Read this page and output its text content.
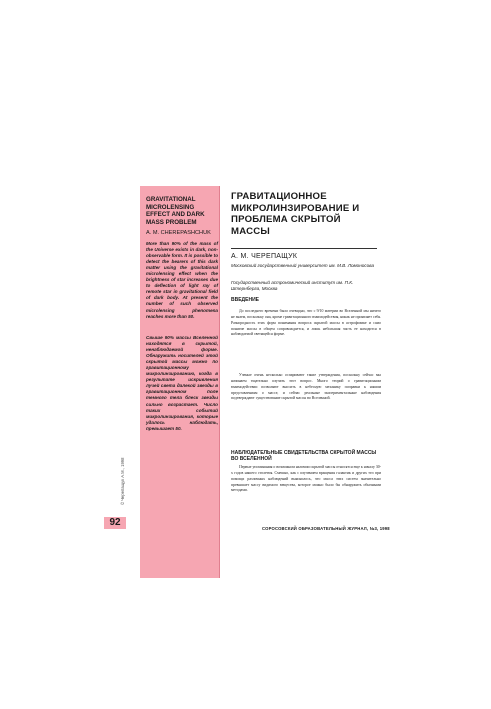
GRAVITATIONAL MICROLENSING EFFECT AND DARK MASS PROBLEM
A. M. CHEREPASHCHUK
More than 90% of the mass of the Universe exists in dark, non-observable form. It is possible to detect the bearers of this dark matter using the gravitational microlensing effect when the brightness of star increases due to deflection of light ray of remote star in gravitational field of dark body. At present the number of such observed microlensing phenomena reaches more than 50.
Свыше 90% массы Вселенной находятся в скрытой, ненаблюдаемой форме. Обнаружить носителей этой скрытой массы можно по гравитационному микролинзированию, когда в результате искривления лучей света далекой звезды в гравитационном поле темного тела блеск звезды сильно возрастает. Число таких событий микролинзирования, которые удалось наблюдать, превышает 50.
© Черепащук А.М., 1998
92
ГРАВИТАЦИОННОЕ МИКРОЛИНЗИРОВАНИЕ И ПРОБЛЕМА СКРЫТОЙ МАССЫ
А. М. ЧЕРЕПАЩУК
Московский государственный университет им. М.В. Ломоносова
Государственный астрономический институт им. П.К. Штернберга, Москва
ВВЕДЕНИЕ
До последнего времени было очевидно, что с 9/10 материи во Вселенной мы ничего не знаем, поскольку она, кроме гравитационного взаимодействия, никак не проявляет себя. Разнородность этих форм понимания вопроса скрытой массы в астрофизике и само понятие массы в общем сопровождается, и лишь небольшая часть ее находится в наблюдаемой светящейся форме.
Ученые очень несколько оспаривают такие утверждения, поскольку сейчас мы начинаем тщательно изучать этот вопрос. Много теорий о гравитационном взаимодействии позволяют вносить в небесную механику поправки к нашим представлениям о массе, и сейчас реальные экспериментальные наблюдения подтверждают существование скрытой массы во Вселенной.
НАБЛЮДАТЕЛЬНЫЕ СВИДЕТЕЛЬСТВА СКРЫТОЙ МАССЫ ВО ВСЕЛЕННОЙ
Первые упоминания о возможном наличии скрытой массы относятся еще к началу 30-х годов нашего столетия. Смешно, как с изучением вращения галактик и других тел при помощи различных наблюдений выяснилось, что масса этих систем значительно превышает массу видимого вещества, которое можно было бы обнаружить обычными методами.
СОРОСОВСКИЙ ОБРАЗОВАТЕЛЬНЫЙ ЖУРНАЛ, №3, 1998
